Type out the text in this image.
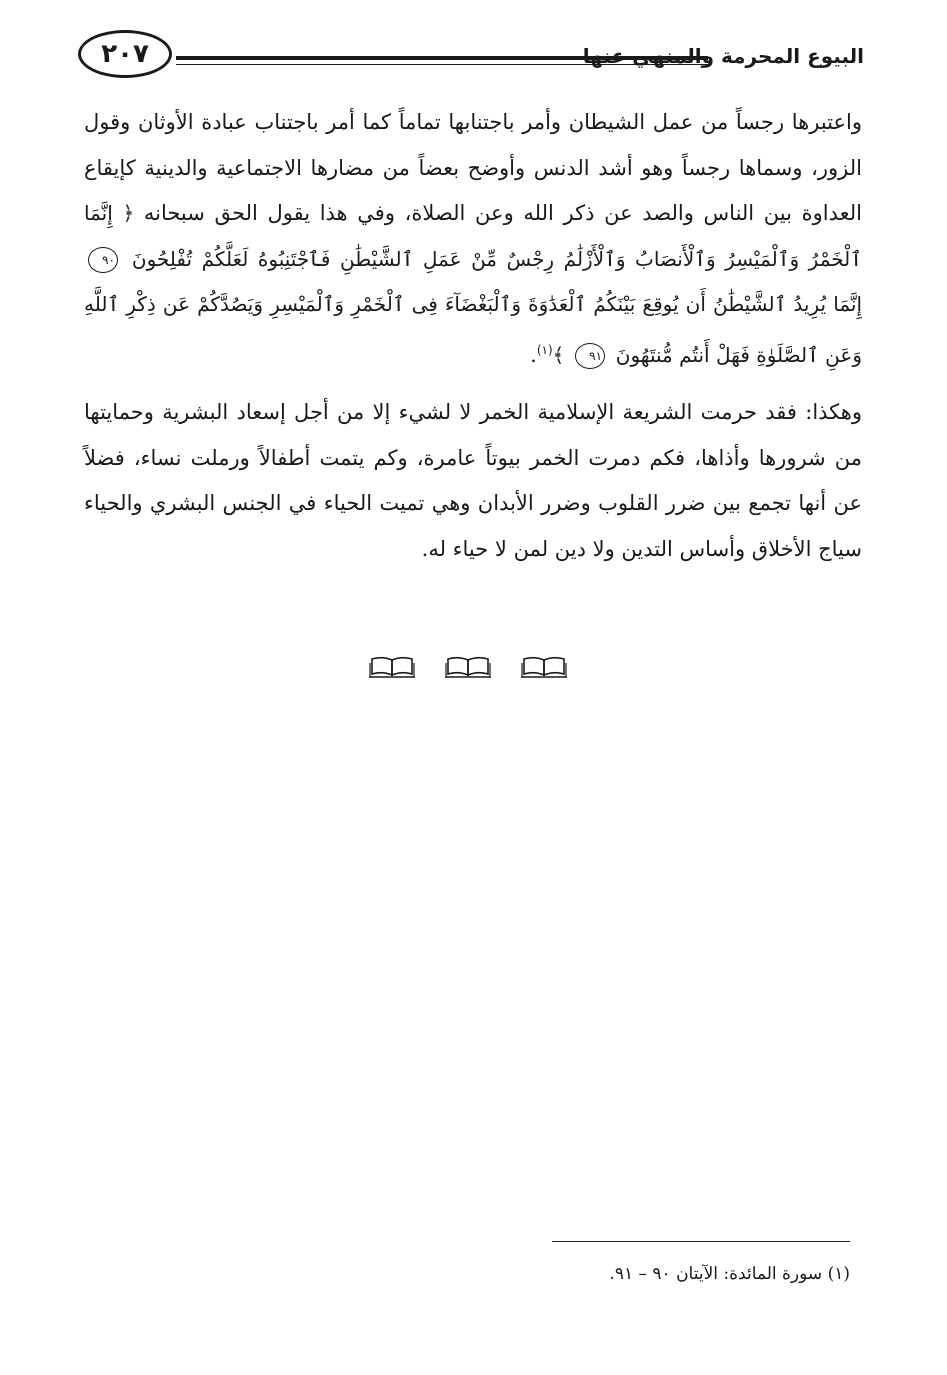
٢٠٧	البيوع المحرمة والمنهي عنها

واعتبرها رجساً من عمل الشيطان وأمر باجتنابها تماماً كما أمر باجتناب عبادة الأوثان وقول الزور، وسماها رجساً وهو أشد الدنس وأوضح بعضاً من مضارها الاجتماعية والدينية كإيقاع العداوة بين الناس والصد عن ذكر الله وعن الصلاة، وفي هذا يقول الحق سبحانه ﴿ إِنَّمَا ٱلْخَمْرُ وَٱلْمَيْسِرُ وَٱلْأَنصَابُ وَٱلْأَزْلَٰمُ رِجْسٌ مِّنْ عَمَلِ ٱلشَّيْطَٰنِ فَٱجْتَنِبُوهُ لَعَلَّكُمْ تُفْلِحُونَ ٩٠ إِنَّمَا يُرِيدُ ٱلشَّيْطَٰنُ أَن يُوقِعَ بَيْنَكُمُ ٱلْعَدَٰوَةَ وَٱلْبَغْضَآءَ فِى ٱلْخَمْرِ وَٱلْمَيْسِرِ وَيَصُدَّكُمْ عَن ذِكْرِ ٱللَّهِ وَعَنِ ٱلصَّلَوٰةِ فَهَلْ أَنتُم مُّنتَهُونَ ٩١ ﴾$^{(١)}$.

وهكذا: فقد حرمت الشريعة الإسلامية الخمر لا لشيء إلا من أجل إسعاد البشرية وحمايتها من شرورها وأذاها، فكم دمرت الخمر بيوتاً عامرة، وكم يتمت أطفالاً ورملت نساء، فضلاً عن أنها تجمع بين ضرر القلوب وضرر الأبدان وهي تميت الحياء في الجنس البشري والحياء سياج الأخلاق وأساس التدين ولا دين لمن لا حياء له.

(١) سورة المائدة: الآيتان ٩٠ – ٩١.
